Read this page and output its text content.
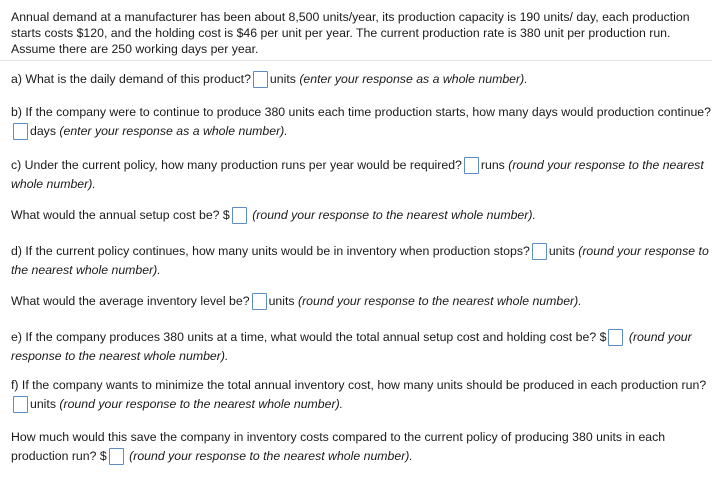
Annual demand at a manufacturer has been about 8,500 units/year, its production capacity is 190 units/ day, each production starts costs $120, and the holding cost is $46 per unit per year. The current production rate is 380 unit per production run. Assume there are 250 working days per year.

a) What is the daily demand of this product? units (enter your response as a whole number).
b) If the company were to continue to produce 380 units each time production starts, how many days would production continue?days (enter your response as a whole number).
c) Under the current policy, how many production runs per year would be required? runs (round your response to the nearest whole number).
What would the annual setup cost be? $ (round your response to the nearest whole number).
d) If the current policy continues, how many units would be in inventory when production stops? units (round your response to the nearest whole number).
What would the average inventory level be? units (round your response to the nearest whole number).
e) If the company produces 380 units at a time, what would the total annual setup cost and holding cost be? $ (round your response to the nearest whole number).
f) If the company wants to minimize the total annual inventory cost, how many units should be produced in each production run?units (round your response to the nearest whole number).
How much would this save the company in inventory costs compared to the current policy of producing 380 units in each production run? $ (round your response to the nearest whole number).
